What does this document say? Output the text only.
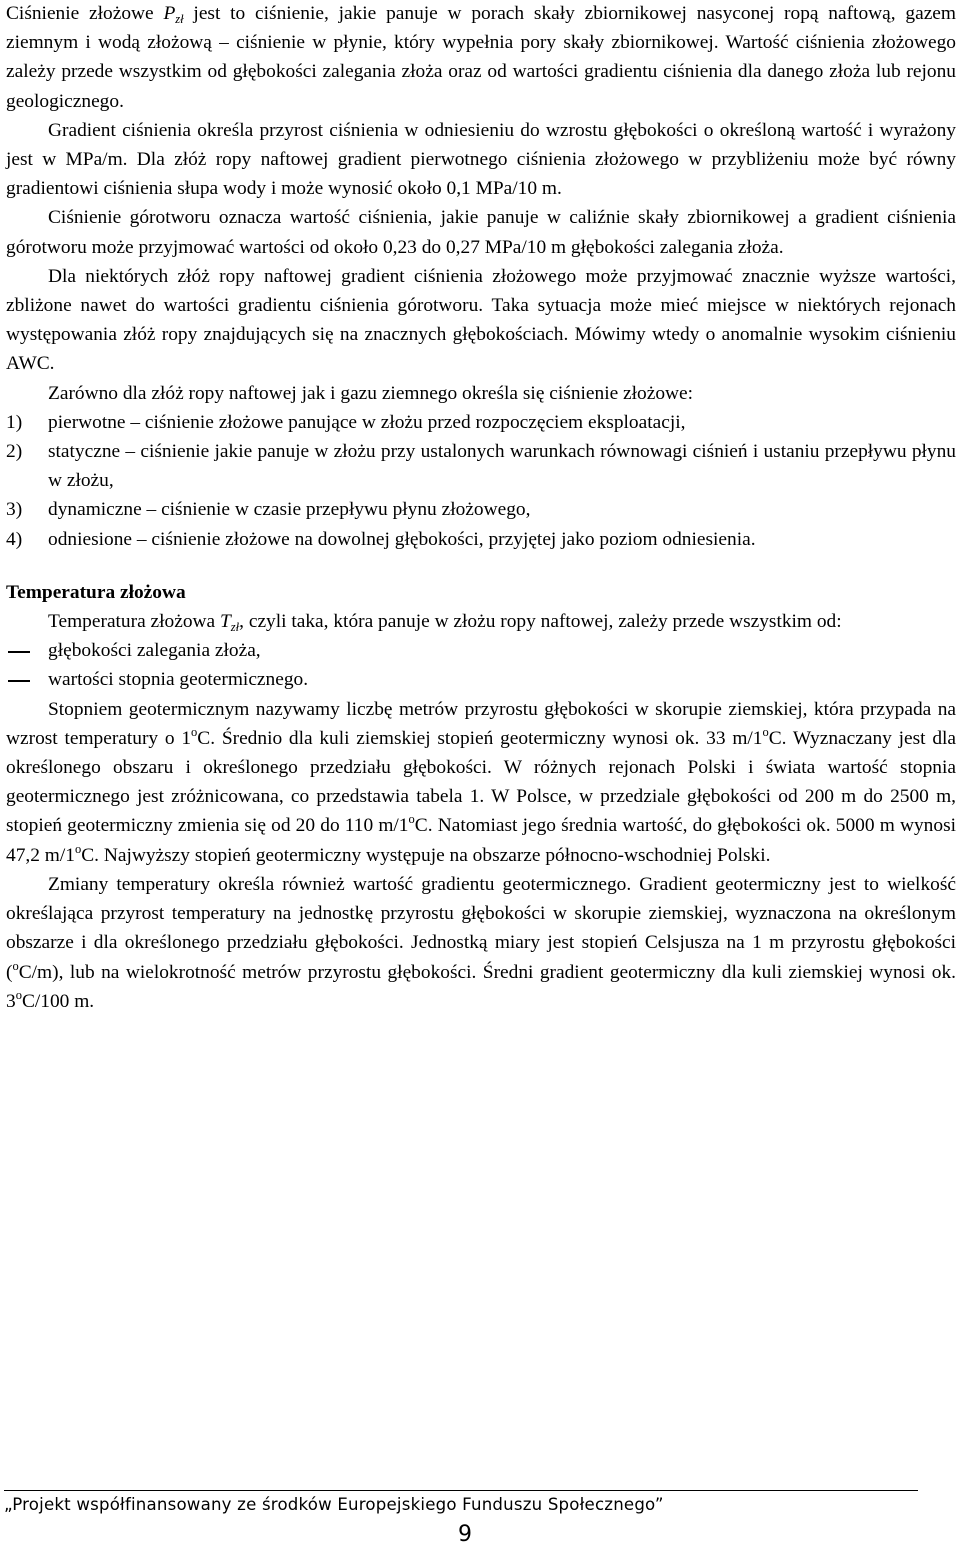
Ciśnienie złożowe $P_{zł}$ jest to ciśnienie, jakie panuje w porach skały zbiornikowej nasyconej ropą naftową, gazem ziemnym i wodą złożową – ciśnienie w płynie, który wypełnia pory skały zbiornikowej. Wartość ciśnienia złożowego zależy przede wszystkim od głębokości zalegania złoża oraz od wartości gradientu ciśnienia dla danego złoża lub rejonu geologicznego.

Gradient ciśnienia określa przyrost ciśnienia w odniesieniu do wzrostu głębokości o określoną wartość i wyrażony jest w MPa/m. Dla złóż ropy naftowej gradient pierwotnego ciśnienia złożowego w przybliżeniu może być równy gradientowi ciśnienia słupa wody i może wynosić około 0,1 MPa/10 m.

Ciśnienie górotworu oznacza wartość ciśnienia, jakie panuje w caliźnie skały zbiornikowej a gradient ciśnienia górotworu może przyjmować wartości od około 0,23 do 0,27 MPa/10 m głębokości zalegania złoża.

Dla niektórych złóż ropy naftowej gradient ciśnienia złożowego może przyjmować znacznie wyższe wartości, zbliżone nawet do wartości gradientu ciśnienia górotworu. Taka sytuacja może mieć miejsce w niektórych rejonach występowania złóż ropy znajdujących się na znacznych głębokościach. Mówimy wtedy o anomalnie wysokim ciśnieniu AWC.

Zarówno dla złóż ropy naftowej jak i gazu ziemnego określa się ciśnienie złożowe:

1)	pierwotne – ciśnienie złożowe panujące w złożu przed rozpoczęciem eksploatacji,
2)	statyczne – ciśnienie jakie panuje w złożu przy ustalonych warunkach równowagi ciśnień i ustaniu przepływu płynu w złożu,
3)	dynamiczne – ciśnienie w czasie przepływu płynu złożowego,
4)	odniesione – ciśnienie złożowe na dowolnej głębokości, przyjętej jako poziom odniesienia.
Temperatura złożowa

Temperatura złożowa $T_{zł}$, czyli taka, która panuje w złożu ropy naftowej, zależy przede wszystkim od:

głębokości zalegania złoża,
wartości stopnia geotermicznego.

Stopniem geotermicznym nazywamy liczbę metrów przyrostu głębokości w skorupie ziemskiej, która przypada na wzrost temperatury o 1$^o$C. Średnio dla kuli ziemskiej stopień geotermiczny wynosi ok. 33 m/1$^o$C. Wyznaczany jest dla określonego obszaru i określonego przedziału głębokości. W różnych rejonach Polski i świata wartość stopnia geotermicznego jest zróżnicowana, co przedstawia tabela 1. W Polsce, w przedziale głębokości od 200 m do 2500 m, stopień geotermiczny zmienia się od 20 do 110 m/1$^o$C. Natomiast jego średnia wartość, do głębokości ok. 5000 m wynosi 47,2 m/1$^o$C. Najwyższy stopień geotermiczny występuje na obszarze północno-wschodniej Polski.

Zmiany temperatury określa również wartość gradientu geotermicznego. Gradient geotermiczny jest to wielkość określająca przyrost temperatury na jednostkę przyrostu głębokości w skorupie ziemskiej, wyznaczona na określonym obszarze i dla określonego przedziału głębokości. Jednostką miary jest stopień Celsjusza na 1 m przyrostu głębokości ($^o$C/m), lub na wielokrotność metrów przyrostu głębokości. Średni gradient geotermiczny dla kuli ziemskiej wynosi ok. 3$^o$C/100 m.

„Projekt współfinansowany ze środków Europejskiego Funduszu Społecznego”
9
